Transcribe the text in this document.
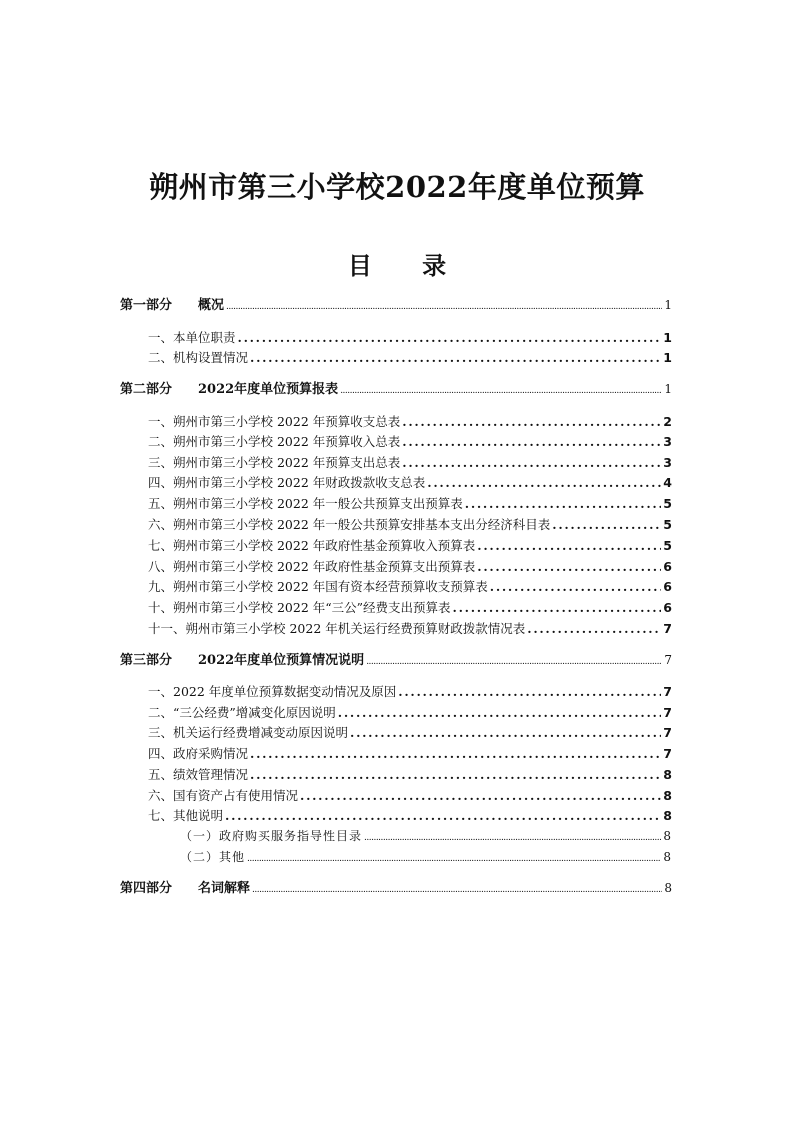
朔州市第三小学校2022年度单位预算
目 录
第一部分　　概况 .....	1
一、本单位职责 .....	1
二、机构设置情况 .....	1
第二部分　　2022年度单位预算报表 .....	1
一、朔州市第三小学校 2022 年预算收支总表 .....	2
二、朔州市第三小学校 2022 年预算收入总表 .....	3
三、朔州市第三小学校 2022 年预算支出总表 .....	3
四、朔州市第三小学校 2022 年财政拨款收支总表 .....	4
五、朔州市第三小学校 2022 年一般公共预算支出预算表 .....	5
六、朔州市第三小学校 2022 年一般公共预算安排基本支出分经济科目表 .....	5
七、朔州市第三小学校 2022 年政府性基金预算收入预算表 .....	5
八、朔州市第三小学校 2022 年政府性基金预算支出预算表 .....	6
九、朔州市第三小学校 2022 年国有资本经营预算收支预算表 .....	6
十、朔州市第三小学校 2022 年“三公”经费支出预算表 .....	6
十一、朔州市第三小学校 2022 年机关运行经费预算财政拨款情况表 .....	7
第三部分　　2022年度单位预算情况说明 .....	7
一、2022 年度单位预算数据变动情况及原因 .....	7
二、“三公经费”增减变化原因说明 .....	7
三、机关运行经费增减变动原因说明 .....	7
四、政府采购情况 .....	7
五、绩效管理情况 .....	8
六、国有资产占有使用情况 .....	8
七、其他说明 .....	8
（一）政府购买服务指导性目录 .....	8
（二）其他 .....	8
第四部分　　名词解释 .....	8
